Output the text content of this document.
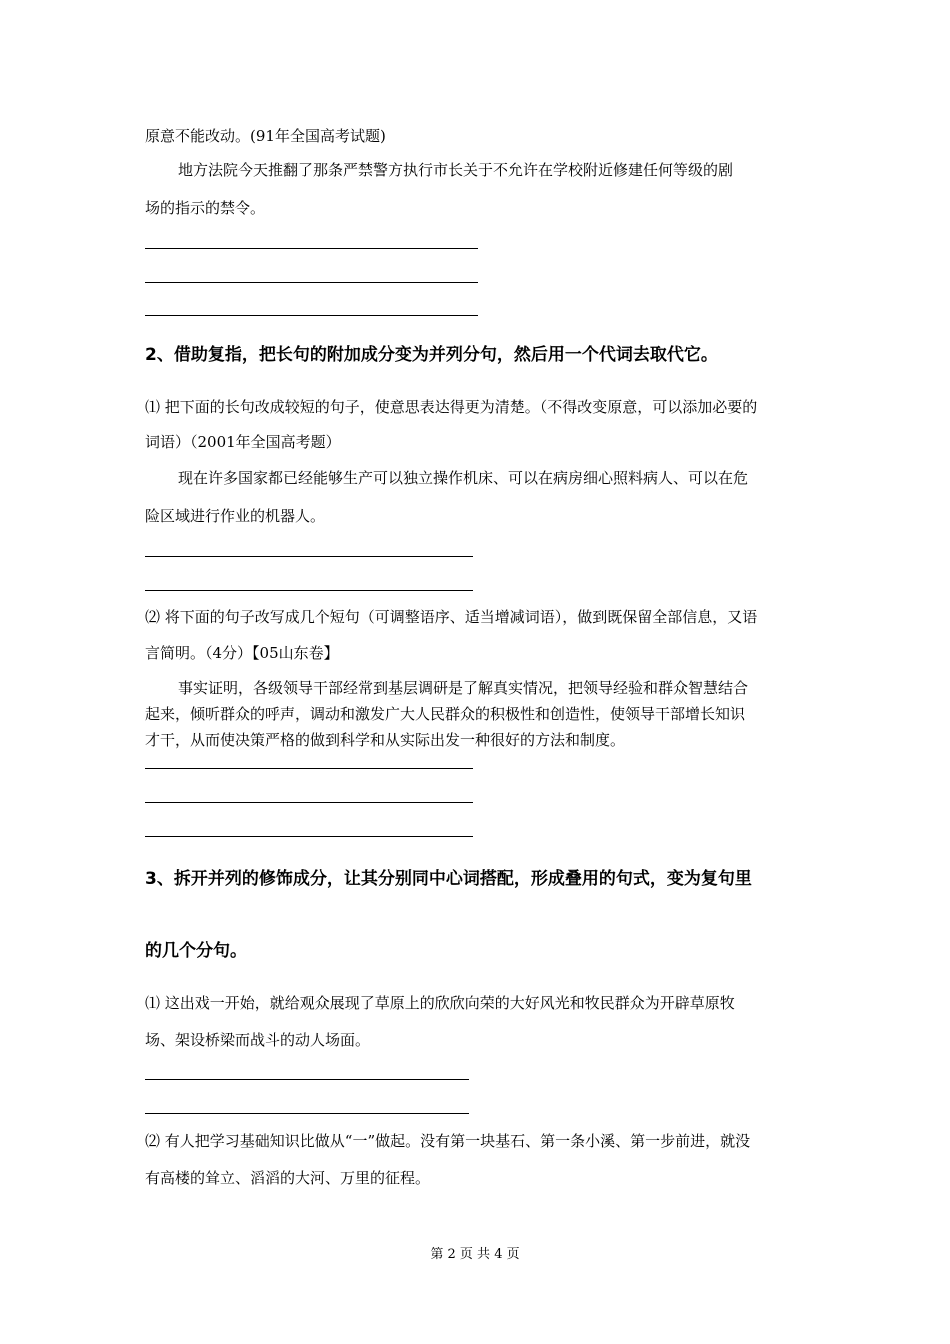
原意不能改动。(91年全国高考试题)
地方法院今天推翻了那条严禁警方执行市长关于不允许在学校附近修建任何等级的剧
场的指示的禁令。
2、借助复指，把长句的附加成分变为并列分句，然后用一个代词去取代它。
⑴ 把下面的长句改成较短的句子，使意思表达得更为清楚。（不得改变原意，可以添加必要的
词语）（2001年全国高考题）
现在许多国家都已经能够生产可以独立操作机床、可以在病房细心照料病人、可以在危
险区域进行作业的机器人。
⑵ 将下面的句子改写成几个短句（可调整语序、适当增减词语），做到既保留全部信息，又语
言简明。（4分）【05山东卷】
事实证明，各级领导干部经常到基层调研是了解真实情况，把领导经验和群众智慧结合
起来，倾听群众的呼声，调动和激发广大人民群众的积极性和创造性，使领导干部增长知识
才干，从而使决策严格的做到科学和从实际出发一种很好的方法和制度。
3、拆开并列的修饰成分，让其分别同中心词搭配，形成叠用的句式，变为复句里
的几个分句。
⑴ 这出戏一开始，就给观众展现了草原上的欣欣向荣的大好风光和牧民群众为开辟草原牧
场、架设桥梁而战斗的动人场面。
⑵ 有人把学习基础知识比做从“一”做起。没有第一块基石、第一条小溪、第一步前进，就没
有高楼的耸立、滔滔的大河、万里的征程。
第 2 页 共 4 页
